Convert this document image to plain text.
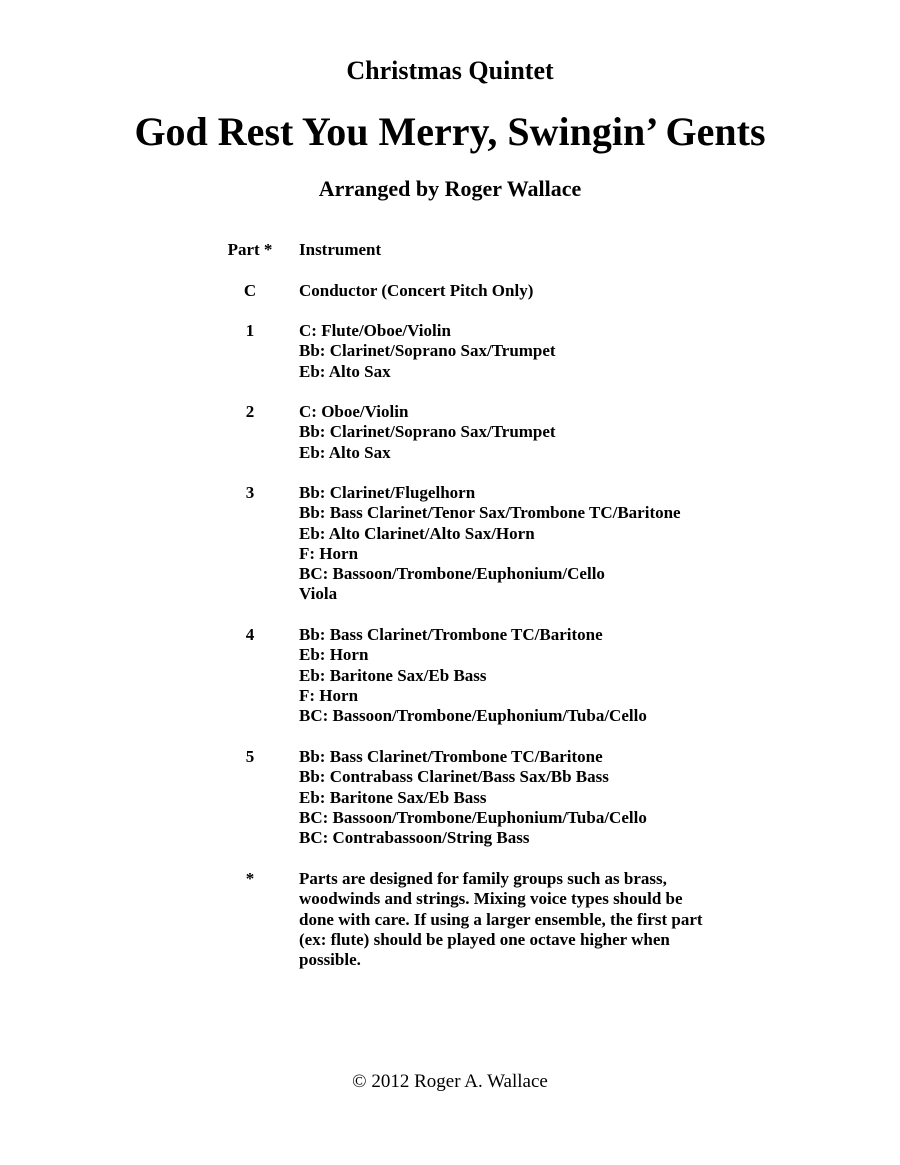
Christmas Quintet
God Rest You Merry, Swingin’ Gents
Arranged by Roger Wallace
Part *	Instrument
C	Conductor (Concert Pitch Only)
1	C: Flute/Oboe/Violin
Bb: Clarinet/Soprano Sax/Trumpet
Eb: Alto Sax
2	C: Oboe/Violin
Bb: Clarinet/Soprano Sax/Trumpet
Eb: Alto Sax
3	Bb: Clarinet/Flugelhorn
Bb: Bass Clarinet/Tenor Sax/Trombone TC/Baritone
Eb: Alto Clarinet/Alto Sax/Horn
F: Horn
BC: Bassoon/Trombone/Euphonium/Cello
Viola
4	Bb: Bass Clarinet/Trombone TC/Baritone
Eb: Horn
Eb: Baritone Sax/Eb Bass
F: Horn
BC: Bassoon/Trombone/Euphonium/Tuba/Cello
5	Bb: Bass Clarinet/Trombone TC/Baritone
Bb: Contrabass Clarinet/Bass Sax/Bb Bass
Eb: Baritone Sax/Eb Bass
BC: Bassoon/Trombone/Euphonium/Tuba/Cello
BC: Contrabassoon/String Bass
*	Parts are designed for family groups such as brass,
woodwinds and strings. Mixing voice types should be
done with care. If using a larger ensemble, the first part
(ex: flute) should be played one octave higher when
possible.
© 2012 Roger A. Wallace
